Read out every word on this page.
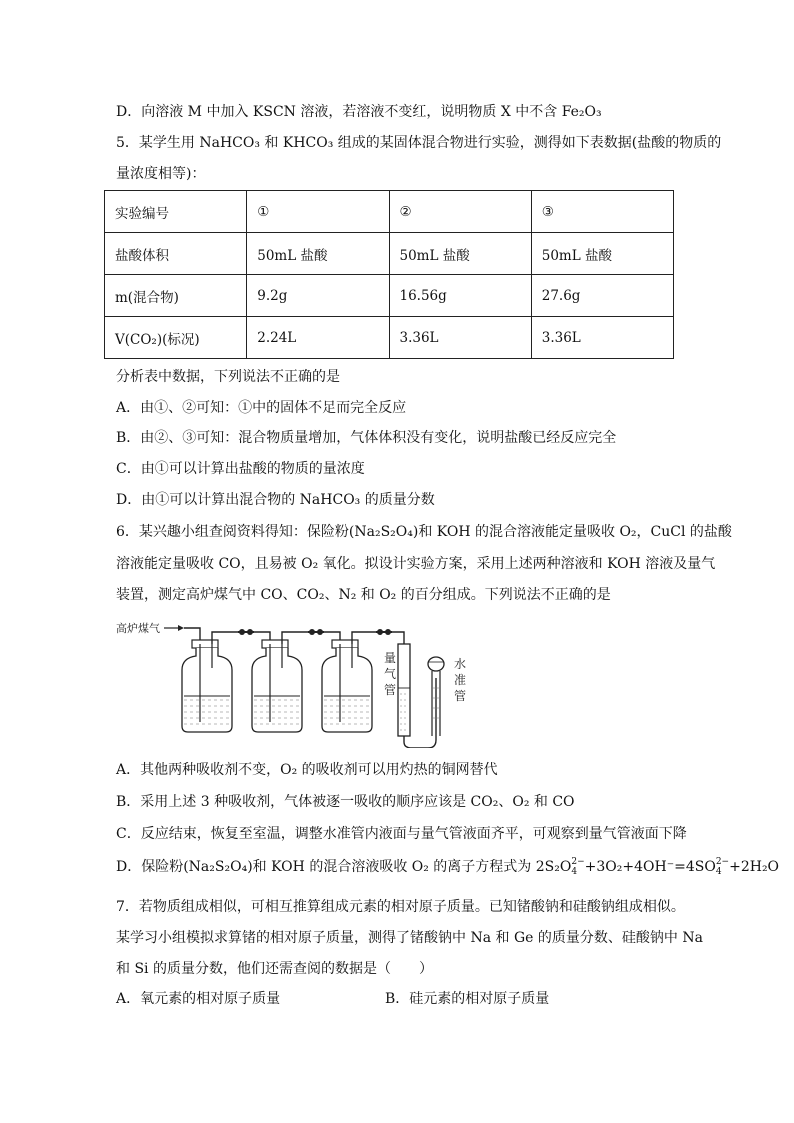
D．向溶液 M 中加入 KSCN 溶液，若溶液不变红，说明物质 X 中不含 Fe₂O₃
5．某学生用 NaHCO₃ 和 KHCO₃ 组成的某固体混合物进行实验，测得如下表数据(盐酸的物质的
量浓度相等)：
实验编号	①	②	③
盐酸体积	50mL 盐酸	50mL 盐酸	50mL 盐酸
m(混合物)	9.2g	16.56g	27.6g
V(CO₂)(标况)	2.24L	3.36L	3.36L
分析表中数据，下列说法不正确的是
A．由①、②可知：①中的固体不足而完全反应
B．由②、③可知：混合物质量增加，气体体积没有变化，说明盐酸已经反应完全
C．由①可以计算出盐酸的物质的量浓度
D．由①可以计算出混合物的 NaHCO₃ 的质量分数
6．某兴趣小组查阅资料得知：保险粉(Na₂S₂O₄)和 KOH 的混合溶液能定量吸收 O₂，CuCl 的盐酸
溶液能定量吸收 CO，且易被 O₂ 氧化。拟设计实验方案，采用上述两种溶液和 KOH 溶液及量气
装置，测定高炉煤气中 CO、CO₂、N₂ 和 O₂ 的百分组成。下列说法不正确的是
高炉煤气
量 气 管
水 准 管
A．其他两种吸收剂不变，O₂ 的吸收剂可以用灼热的铜网替代
B．采用上述 3 种吸收剂，气体被逐一吸收的顺序应该是 CO₂、O₂ 和 CO
C．反应结束，恢复至室温，调整水准管内液面与量气管液面齐平，可观察到量气管液面下降
D．保险粉(Na₂S₂O₄)和 KOH 的混合溶液吸收 O₂ 的离子方程式为 2S₂O2−
4 +3O₂+4OH⁻=4SO2−
4 +2H₂O
7．若物质组成相似，可相互推算组成元素的相对原子质量。已知锗酸钠和硅酸钠组成相似。
某学习小组模拟求算锗的相对原子质量，测得了锗酸钠中 Na 和 Ge 的质量分数、硅酸钠中 Na
和 Si 的质量分数，他们还需查阅的数据是（　　）
A．氧元素的相对原子质量	B．硅元素的相对原子质量
